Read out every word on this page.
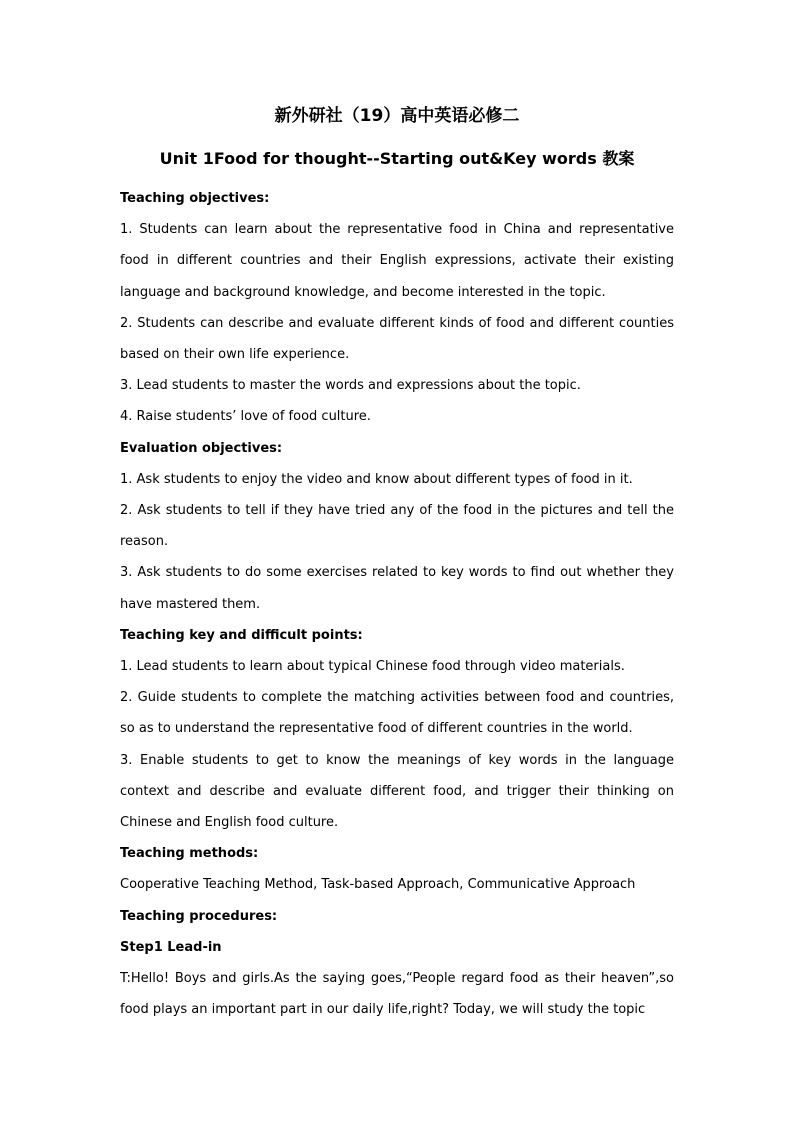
新外研社（19）高中英语必修二
Unit 1Food for thought--Starting out&Key words 教案

Teaching objectives:

1. Students can learn about the representative food in China and representative food in different countries and their English expressions, activate their existing language and background knowledge, and become interested in the topic.

2. Students can describe and evaluate different kinds of food and different counties based on their own life experience.

3. Lead students to master the words and expressions about the topic.

4. Raise students’ love of food culture.

Evaluation objectives:

1. Ask students to enjoy the video and know about different types of food in it.

2. Ask students to tell if they have tried any of the food in the pictures and tell the reason.

3. Ask students to do some exercises related to key words to find out whether they have mastered them.

Teaching key and difficult points:

1. Lead students to learn about typical Chinese food through video materials.

2. Guide students to complete the matching activities between food and countries, so as to understand the representative food of different countries in the world.

3. Enable students to get to know the meanings of key words in the language context and describe and evaluate different food, and trigger their thinking on Chinese and English food culture.

Teaching methods:

Cooperative Teaching Method, Task-based Approach, Communicative Approach

Teaching procedures:

Step1 Lead-in

T:Hello! Boys and girls.As the saying goes,“People regard food as their heaven”,so food plays an important part in our daily life,right? Today, we will study the topic
